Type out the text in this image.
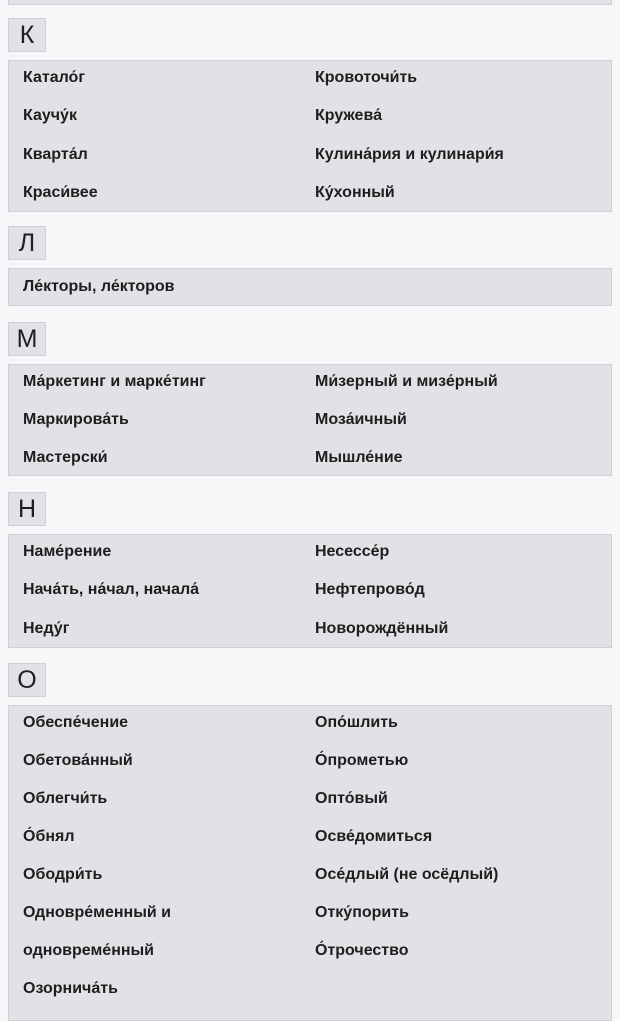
К
Катало́г
Каучу́к
Кварта́л
Краси́вее
Кровоточи́ть
Кружева́
Кулина́рия и кулинари́я
Ку́хонный
Л
Ле́кторы, ле́кторов
М
Ма́ркетинг и марке́тинг
Маркирова́ть
Мастерски́
Ми́зерный и мизе́рный
Моза́ичный
Мышле́ние
Н
Наме́рение
Нача́ть, на́чал, начала́
Неду́г
Несессе́р
Нефтепрово́д
Новорождённый
О
Обеспе́чение
Обетова́нный
Облегчи́ть
О́бнял
Ободри́ть
Одновре́менный и
одновреме́нный
Озорнича́ть
Опо́шлить
О́прометью
Опто́вый
Осве́домиться
Осе́длый (не осёдлый)
Отку́порить
О́трочество
